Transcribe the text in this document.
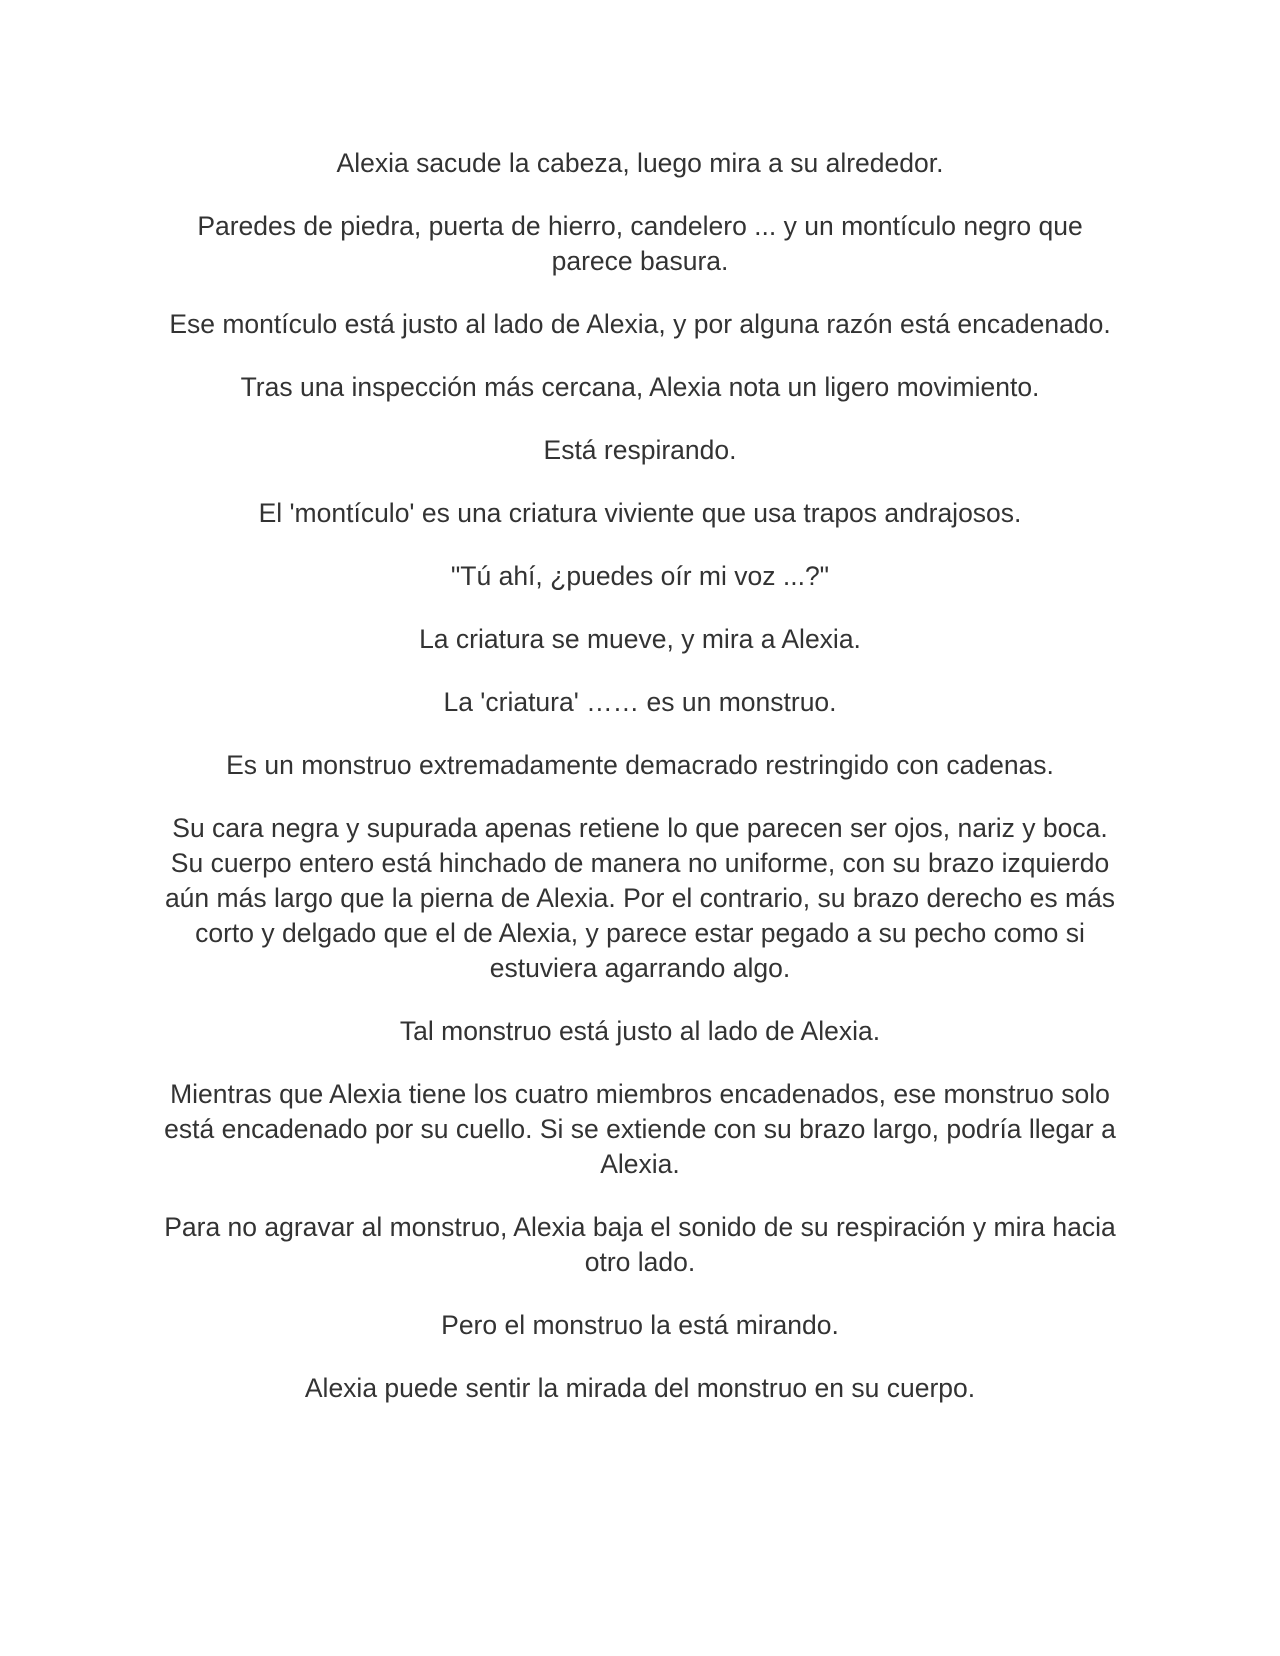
Alexia sacude la cabeza, luego mira a su alrededor.

Paredes de piedra, puerta de hierro, candelero ... y un montículo negro que parece basura.

Ese montículo está justo al lado de Alexia, y por alguna razón está encadenado.

Tras una inspección más cercana, Alexia nota un ligero movimiento.

Está respirando.

El 'montículo' es una criatura viviente que usa trapos andrajosos.

"Tú ahí, ¿puedes oír mi voz ...?"

La criatura se mueve, y mira a Alexia.

La 'criatura' …… es un monstruo.

Es un monstruo extremadamente demacrado restringido con cadenas.

Su cara negra y supurada apenas retiene lo que parecen ser ojos, nariz y boca. Su cuerpo entero está hinchado de manera no uniforme, con su brazo izquierdo aún más largo que la pierna de Alexia. Por el contrario, su brazo derecho es más corto y delgado que el de Alexia, y parece estar pegado a su pecho como si estuviera agarrando algo.

Tal monstruo está justo al lado de Alexia.

Mientras que Alexia tiene los cuatro miembros encadenados, ese monstruo solo está encadenado por su cuello. Si se extiende con su brazo largo, podría llegar a Alexia.

Para no agravar al monstruo, Alexia baja el sonido de su respiración y mira hacia otro lado.

Pero el monstruo la está mirando.

Alexia puede sentir la mirada del monstruo en su cuerpo.
